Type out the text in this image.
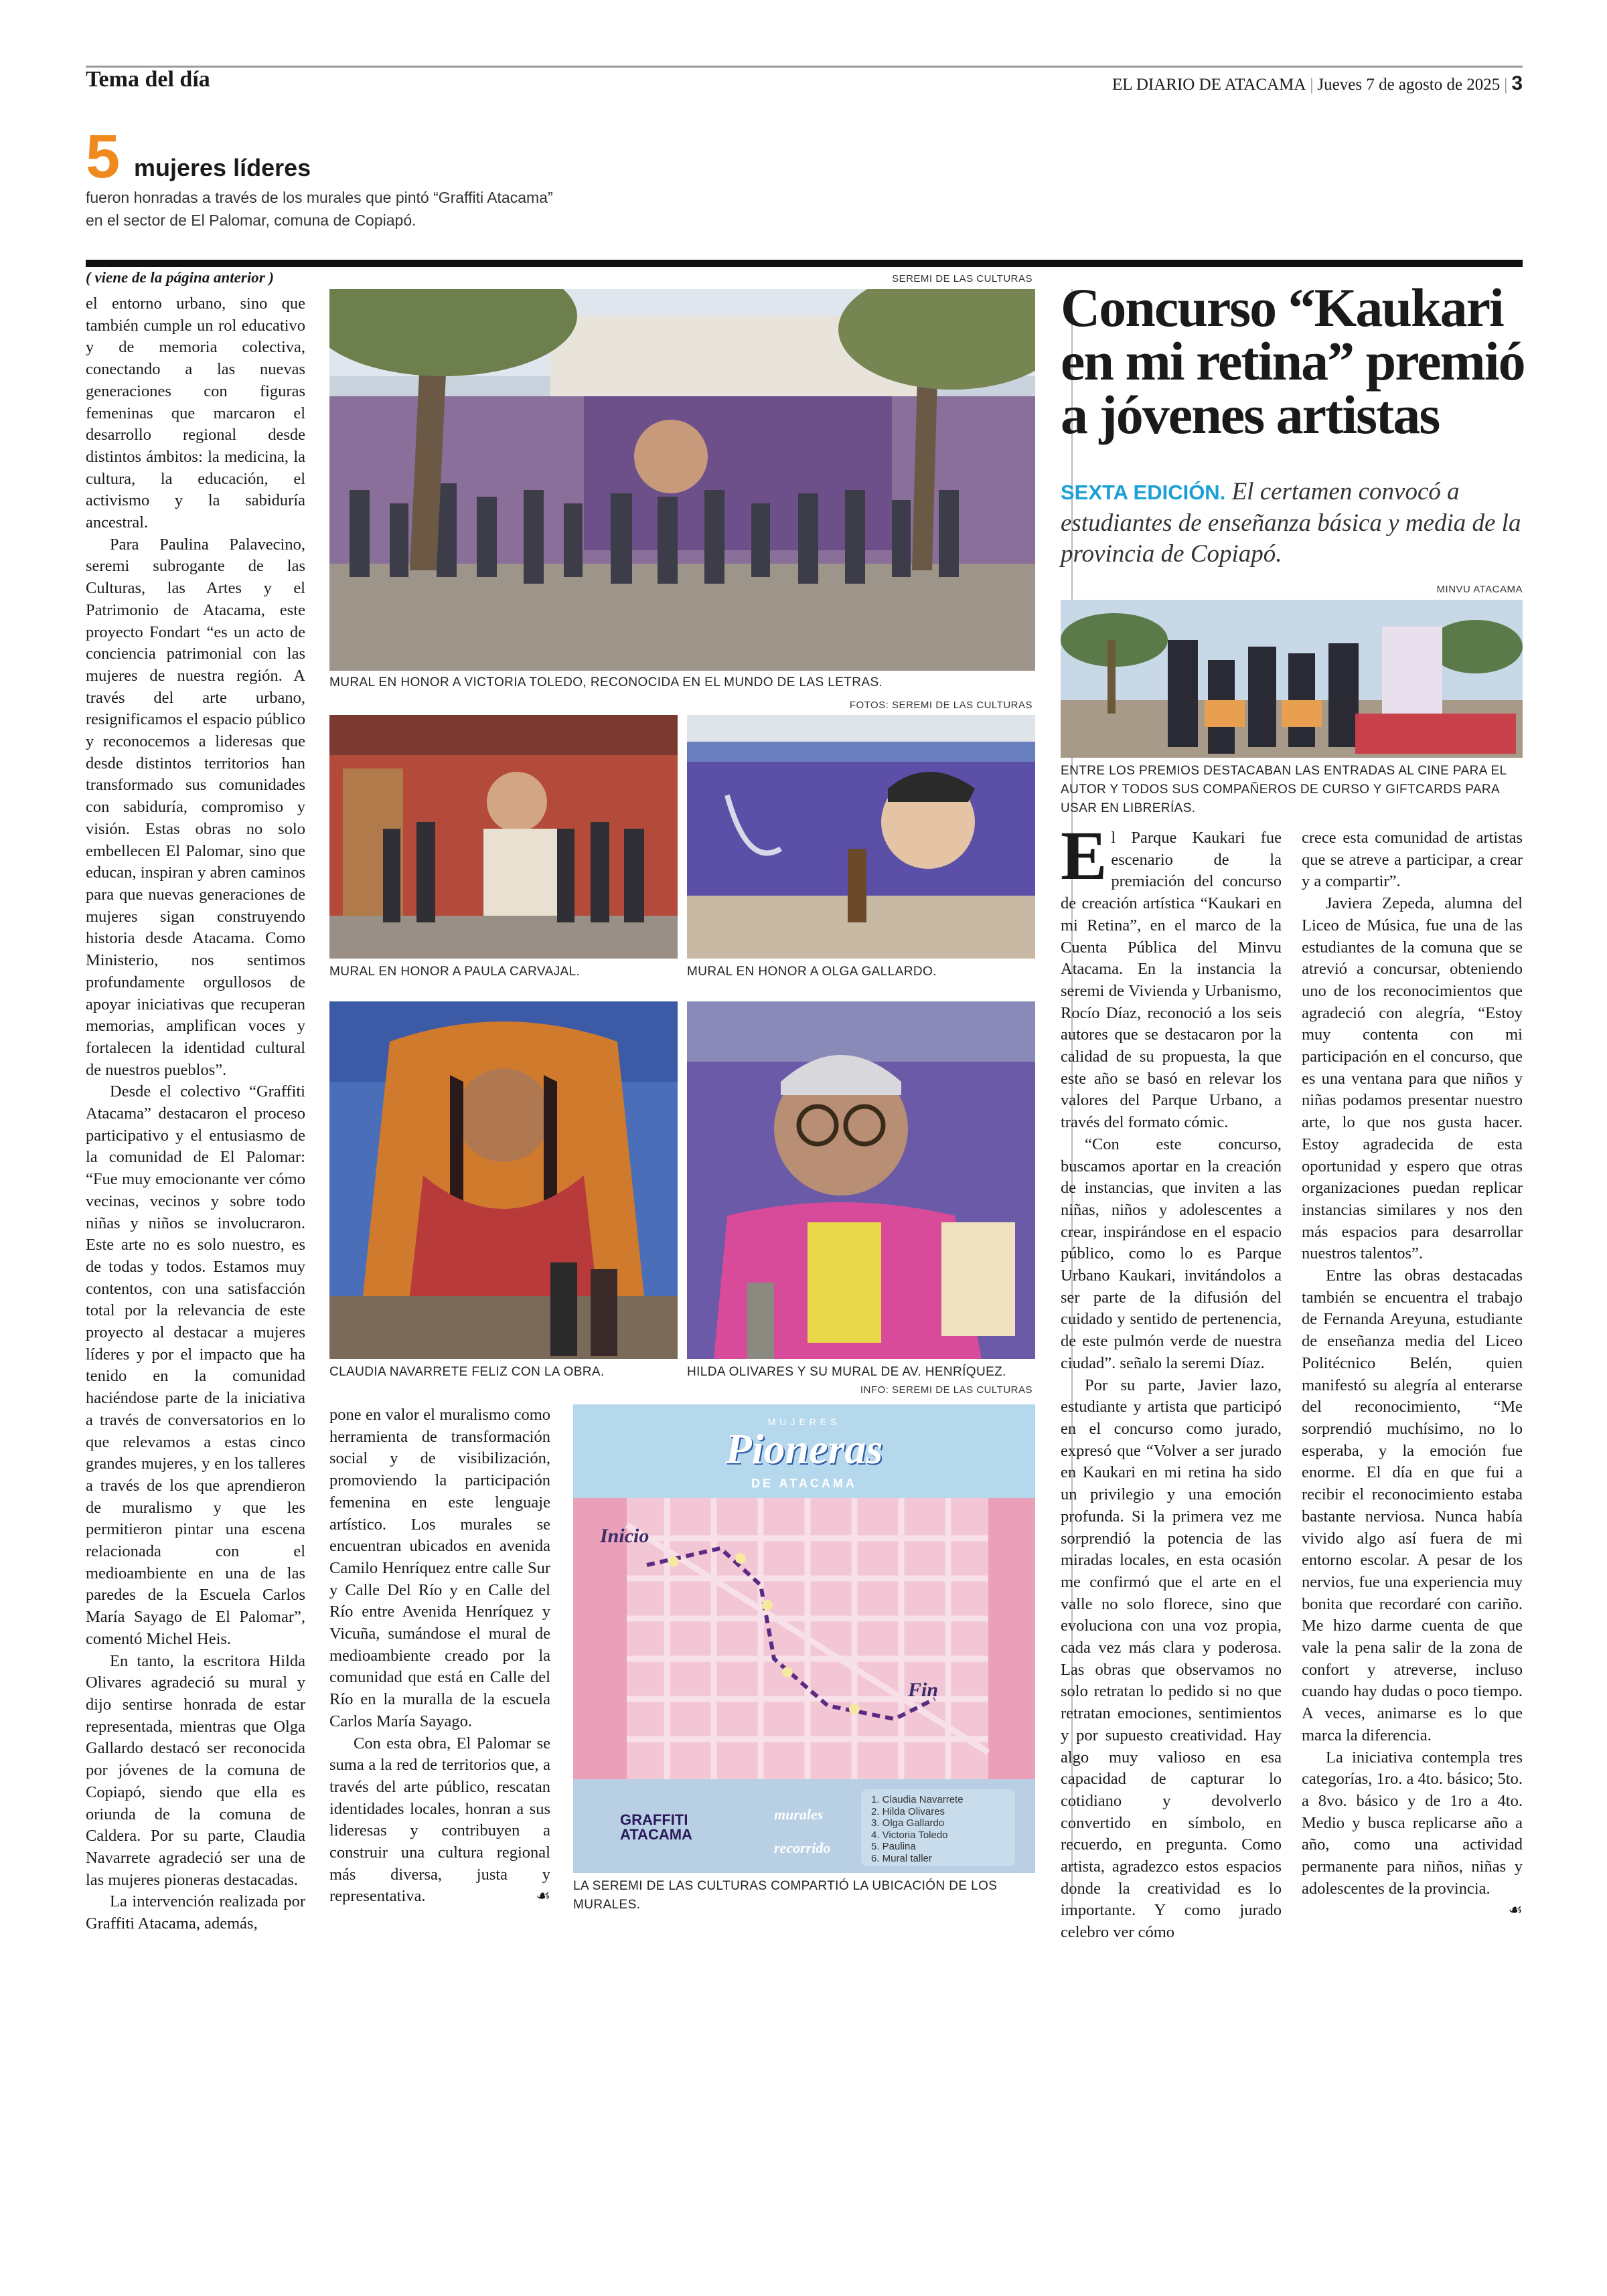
Tema del día	EL DIARIO DE ATACAMA | Jueves 7 de agosto de 2025 | 3
5 mujeres líderes
fueron honradas a través de los murales que pintó “Graffiti Atacama” en el sector de El Palomar, comuna de Copiapó.
( viene de la página anterior )

el entorno urbano, sino que también cumple un rol educativo y de memoria colectiva, conectando a las nuevas generaciones con figuras femeninas que marcaron el desarrollo regional desde distintos ámbitos: la medicina, la cultura, la educación, el activismo y la sabiduría ancestral.

Para Paulina Palavecino, seremi subrogante de las Culturas, las Artes y el Patrimonio de Atacama, este proyecto Fondart “es un acto de conciencia patrimonial con las mujeres de nuestra región. A través del arte urbano, resignificamos el espacio público y reconocemos a lideresas que desde distintos territorios han transformado sus comunidades con sabiduría, compromiso y visión. Estas obras no solo embellecen El Palomar, sino que educan, inspiran y abren caminos para que nuevas generaciones de mujeres sigan construyendo historia desde Atacama. Como Ministerio, nos sentimos profundamente orgullosos de apoyar iniciativas que recuperan memorias, amplifican voces y fortalecen la identidad cultural de nuestros pueblos”.

Desde el colectivo “Graffiti Atacama” destacaron el proceso participativo y el entusiasmo de la comunidad de El Palomar: “Fue muy emocionante ver cómo vecinas, vecinos y sobre todo niñas y niños se involucraron. Este arte no es solo nuestro, es de todas y todos. Estamos muy contentos, con una satisfacción total por la relevancia de este proyecto al destacar a mujeres líderes y por el impacto que ha tenido en la comunidad haciéndose parte de la iniciativa a través de conversatorios en lo que relevamos a estas cinco grandes mujeres, y en los talleres a través de los que aprendieron de muralismo y que les permitieron pintar una escena relacionada con el medioambiente en una de las paredes de la Escuela Carlos María Sayago de El Palomar”, comentó Michel Heis.

En tanto, la escritora Hilda Olivares agradeció su mural y dijo sentirse honrada de estar representada, mientras que Olga Gallardo destacó ser reconocida por jóvenes de la comuna de Copiapó, siendo que ella es oriunda de la comuna de Caldera. Por su parte, Claudia Navarrete agradeció ser una de las mujeres pioneras destacadas.

La intervención realizada por Graffiti Atacama, además,

SEREMI DE LAS CULTURAS
MURAL EN HONOR A VICTORIA TOLEDO, RECONOCIDA EN EL MUNDO DE LAS LETRAS.
FOTOS: SEREMI DE LAS CULTURAS
MURAL EN HONOR A PAULA CARVAJAL.	MURAL EN HONOR A OLGA GALLARDO.
CLAUDIA NAVARRETE FELIZ CON LA OBRA.	HILDA OLIVARES Y SU MURAL DE AV. HENRÍQUEZ.
INFO: SEREMI DE LAS CULTURAS

pone en valor el muralismo como herramienta de transformación social y de visibilización, promoviendo la participación femenina en este lenguaje artístico. Los murales se encuentran ubicados en avenida Camilo Henríquez entre calle Sur y Calle Del Río y en Calle del Río entre Avenida Henríquez y Vicuña, sumándose el mural de medioambiente creado por la comunidad que está en Calle del Río en la muralla de la escuela Carlos María Sayago.

Con esta obra, El Palomar se suma a la red de territorios que, a través del arte público, rescatan identidades locales, honran a sus lideresas y contribuyen a construir una cultura regional más diversa, justa y representativa.	☙

MUJERES
Pioneras
DE ATACAMA
Inicio
Fin
GRAFFITI ATACAMA
murales
recorrido
1. Claudia Navarrete
2. Hilda Olivares
3. Olga Gallardo
4. Victoria Toledo
5. Paulina
6. Mural taller
LA SEREMI DE LAS CULTURAS COMPARTIÓ LA UBICACIÓN DE LOS MURALES.
Concurso “Kaukari en mi retina” premió a jóvenes artistas
SEXTA EDICIÓN. El certamen convocó a estudiantes de enseñanza básica y media de la provincia de Copiapó.
MINVU ATACAMA
ENTRE LOS PREMIOS DESTACABAN LAS ENTRADAS AL CINE PARA EL AUTOR Y TODOS SUS COMPAÑEROS DE CURSO Y GIFTCARDS PARA USAR EN LIBRERÍAS.

El Parque Kaukari fue escenario de la premiación del concurso de creación artística “Kaukari en mi Retina”, en el marco de la Cuenta Pública del Minvu Atacama. En la instancia la seremi de Vivienda y Urbanismo, Rocío Díaz, reconoció a los seis autores que se destacaron por la calidad de su propuesta, la que este año se basó en relevar los valores del Parque Urbano, a través del formato cómic.

“Con este concurso, buscamos aportar en la creación de instancias, que inviten a las niñas, niños y adolescentes a crear, inspirándose en el espacio público, como lo es Parque Urbano Kaukari, invitándolos a ser parte de la difusión del cuidado y sentido de pertenencia, de este pulmón verde de nuestra ciudad”. señalo la seremi Díaz.

Por su parte, Javier lazo, estudiante y artista que participó en el concurso como jurado, expresó que “Volver a ser jurado en Kaukari en mi retina ha sido un privilegio y una emoción profunda. Si la primera vez me sorprendió la potencia de las miradas locales, en esta ocasión me confirmó que el arte en el valle no solo florece, sino que evoluciona con una voz propia, cada vez más clara y poderosa. Las obras que observamos no solo retratan lo pedido si no que retratan emociones, sentimientos y por supuesto creatividad. Hay algo muy valioso en esa capacidad de capturar lo cotidiano y devolverlo convertido en símbolo, en recuerdo, en pregunta. Como artista, agradezco estos espacios donde la creatividad es lo importante. Y como jurado celebro ver cómo

crece esta comunidad de artistas que se atreve a participar, a crear y a compartir”.

Javiera Zepeda, alumna del Liceo de Música, fue una de las estudiantes de la comuna que se atrevió a concursar, obteniendo uno de los reconocimientos que agradeció con alegría, “Estoy muy contenta con mi participación en el concurso, que es una ventana para que niños y niñas podamos presentar nuestro arte, lo que nos gusta hacer. Estoy agradecida de esta oportunidad y espero que otras organizaciones puedan replicar instancias similares y nos den más espacios para desarrollar nuestros talentos”.

Entre las obras destacadas también se encuentra el trabajo de Fernanda Areyuna, estudiante de enseñanza media del Liceo Politécnico Belén, quien manifestó su alegría al enterarse del reconocimiento, “Me sorprendió muchísimo, no lo esperaba, y la emoción fue enorme. El día en que fui a recibir el reconocimiento estaba bastante nerviosa. Nunca había vivido algo así fuera de mi entorno escolar. A pesar de los nervios, fue una experiencia muy bonita que recordaré con cariño. Me hizo darme cuenta de que vale la pena salir de la zona de confort y atreverse, incluso cuando hay dudas o poco tiempo. A veces, animarse es lo que marca la diferencia.

La iniciativa contempla tres categorías, 1ro. a 4to. básico; 5to. a 8vo. básico y de 1ro a 4to. Medio y busca replicarse año a año, como una actividad permanente para niños, niñas y adolescentes de la provincia.
☙
